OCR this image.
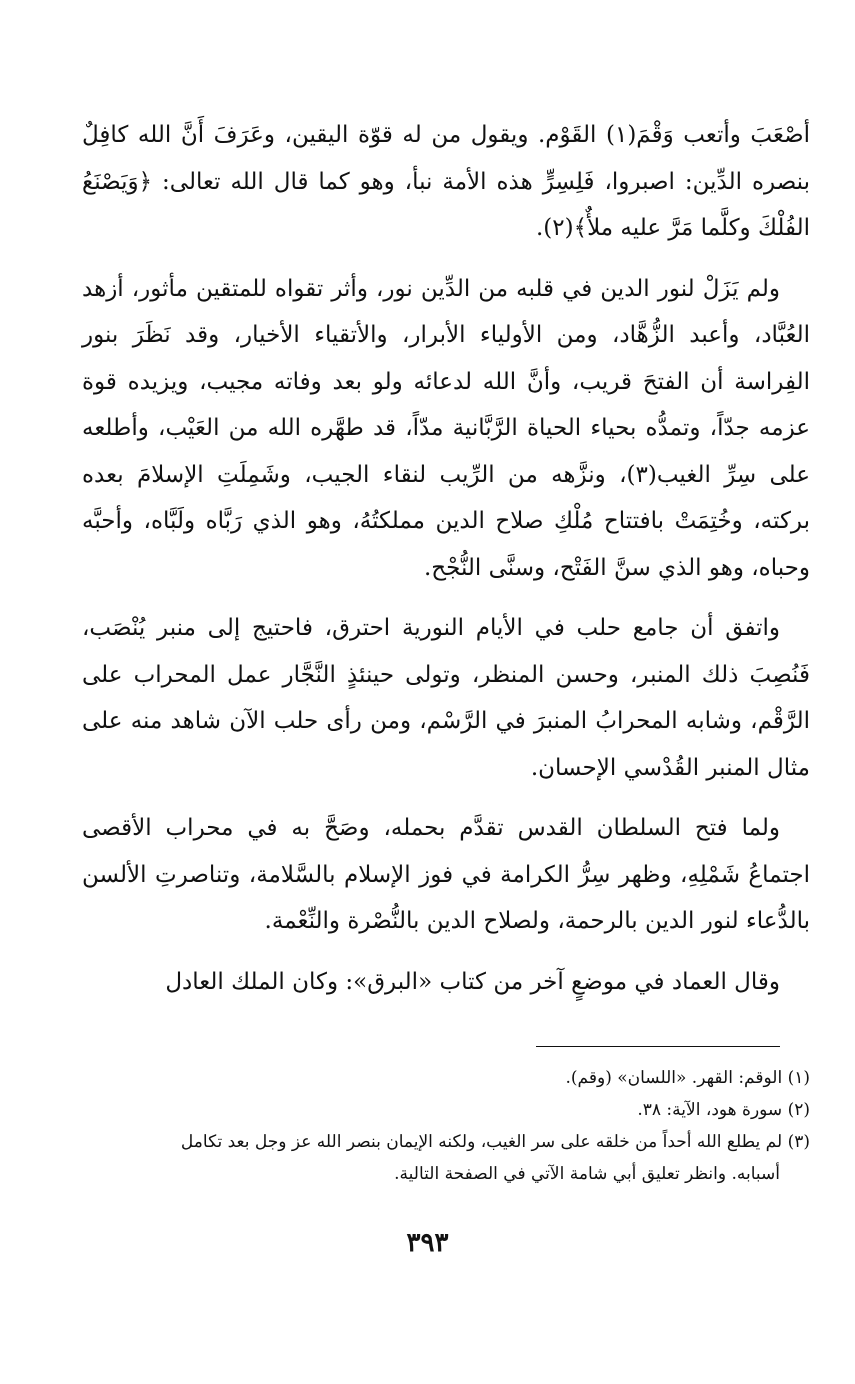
أصْعَبَ وأتعب وَقْمَ(١) القَوْم. ويقول من له قوّة اليقين، وعَرَفَ أَنَّ الله كافِلٌ بنصره الدِّين: اصبروا، فَلِسِرٍّ هذه الأمة نبأ، وهو كما قال الله تعالى: ﴿وَيَصْنَعُ الفُلْكَ وكلَّما مَرَّ عليه ملأٌ﴾(٢).

ولم يَزَلْ لنور الدين في قلبه من الدِّين نور، وأثر تقواه للمتقين مأثور، أزهد العُبَّاد، وأعبد الزُّهَّاد، ومن الأولياء الأبرار، والأتقياء الأخيار، وقد نَظَرَ بنور الفِراسة أن الفتحَ قريب، وأنَّ الله لدعائه ولو بعد وفاته مجيب، ويزيده قوة عزمه جدّاً، وتمدُّه بحياء الحياة الرَّبَّانية مدّاً، قد طهَّره الله من العَيْب، وأطلعه على سِرِّ الغيب(٣)، ونزَّهه من الرِّيب لنقاء الجيب، وشَمِلَتِ الإسلامَ بعده بركته، وخُتِمَتْ بافتتاح مُلْكِ صلاح الدين مملكتُهُ، وهو الذي رَبَّاه ولَبَّاه، وأحبَّه وحباه، وهو الذي سنَّ الفَتْح، وسنَّى النُّجْح.

واتفق أن جامع حلب في الأيام النورية احترق، فاحتيج إلى منبر يُنْصَب، فَنُصِبَ ذلك المنبر، وحسن المنظر، وتولى حينئذٍ النَّجَّار عمل المحراب على الرَّقْم، وشابه المحرابُ المنبرَ في الرَّسْم، ومن رأى حلب الآن شاهد منه على مثال المنبر القُدْسي الإحسان.

ولما فتح السلطان القدس تقدَّم بحمله، وصَحَّ به في محراب الأقصى اجتماعُ شَمْلِهِ، وظهر سِرُّ الكرامة في فوز الإسلام بالسَّلامة، وتناصرتِ الألسن بالدُّعاء لنور الدين بالرحمة، ولصلاح الدين بالنُّصْرة والنِّعْمة.

وقال العماد في موضعٍ آخر من كتاب «البرق»: وكان الملك العادل

(١) الوقم: القهر. «اللسان» (وقم).

(٢) سورة هود، الآية: ٣٨.

(٣) لم يطلع الله أحداً من خلقه على سر الغيب، ولكنه الإيمان بنصر الله عز وجل بعد تكامل

أسبابه. وانظر تعليق أبي شامة الآتي في الصفحة التالية.

٣٩٣
